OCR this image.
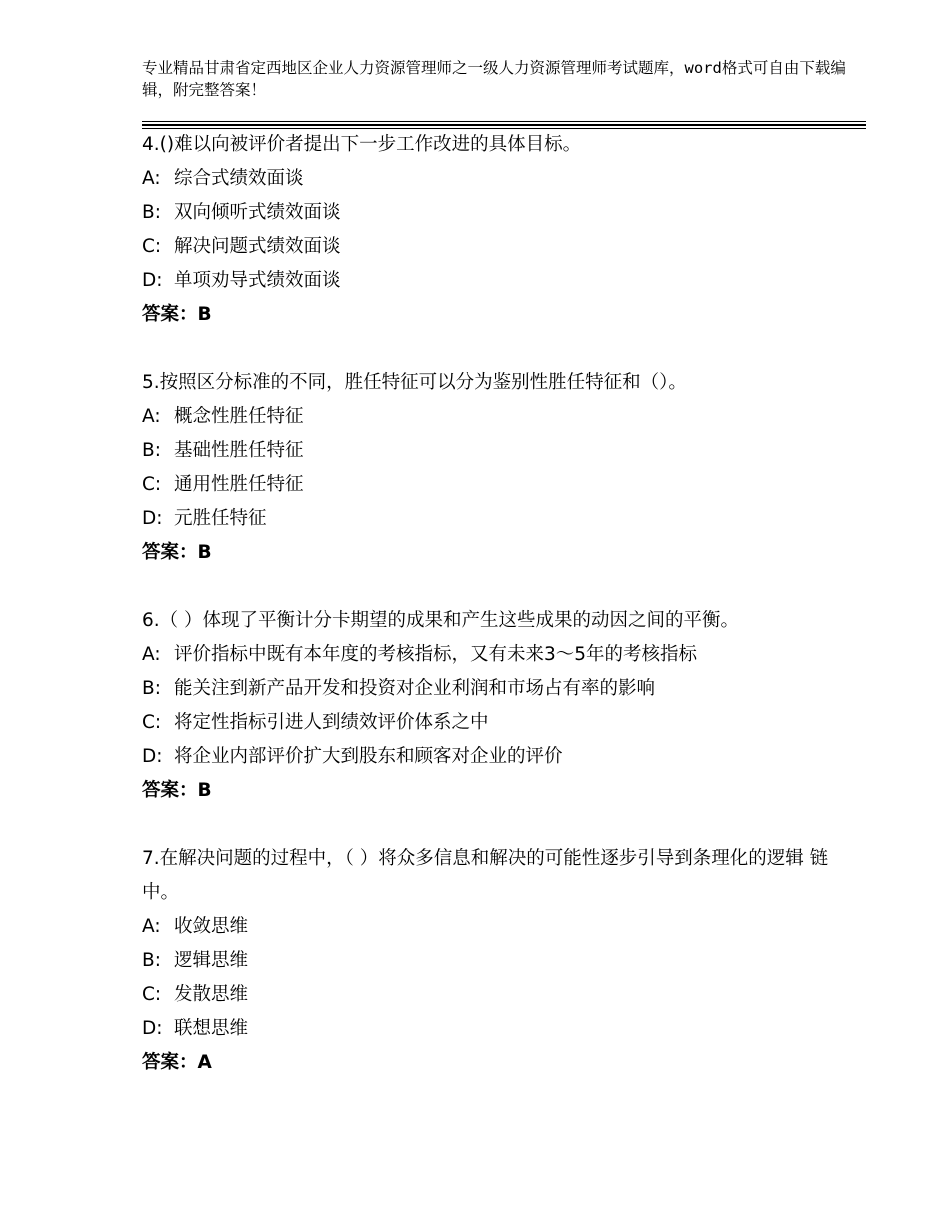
专业精品甘肃省定西地区企业人力资源管理师之一级人力资源管理师考试题库，word格式可自由下载编辑，附完整答案！
4.()难以向被评价者提出下一步工作改进的具体目标。
A: 综合式绩效面谈
B: 双向倾听式绩效面谈
C: 解决问题式绩效面谈
D: 单项劝导式绩效面谈
答案：B
5.按照区分标准的不同，胜任特征可以分为鉴别性胜任特征和（）。
A: 概念性胜任特征
B: 基础性胜任特征
C: 通用性胜任特征
D: 元胜任特征
答案：B
6.（ ）体现了平衡计分卡期望的成果和产生这些成果的动因之间的平衡。
A: 评价指标中既有本年度的考核指标，又有未来3～5年的考核指标
B: 能关注到新产品开发和投资对企业利润和市场占有率的影响
C: 将定性指标引进人到绩效评价体系之中
D: 将企业内部评价扩大到股东和顾客对企业的评价
答案：B
7.在解决问题的过程中，（ ）将众多信息和解决的可能性逐步引导到条理化的逻辑 链中。
A: 收敛思维
B: 逻辑思维
C: 发散思维
D: 联想思维
答案：A
